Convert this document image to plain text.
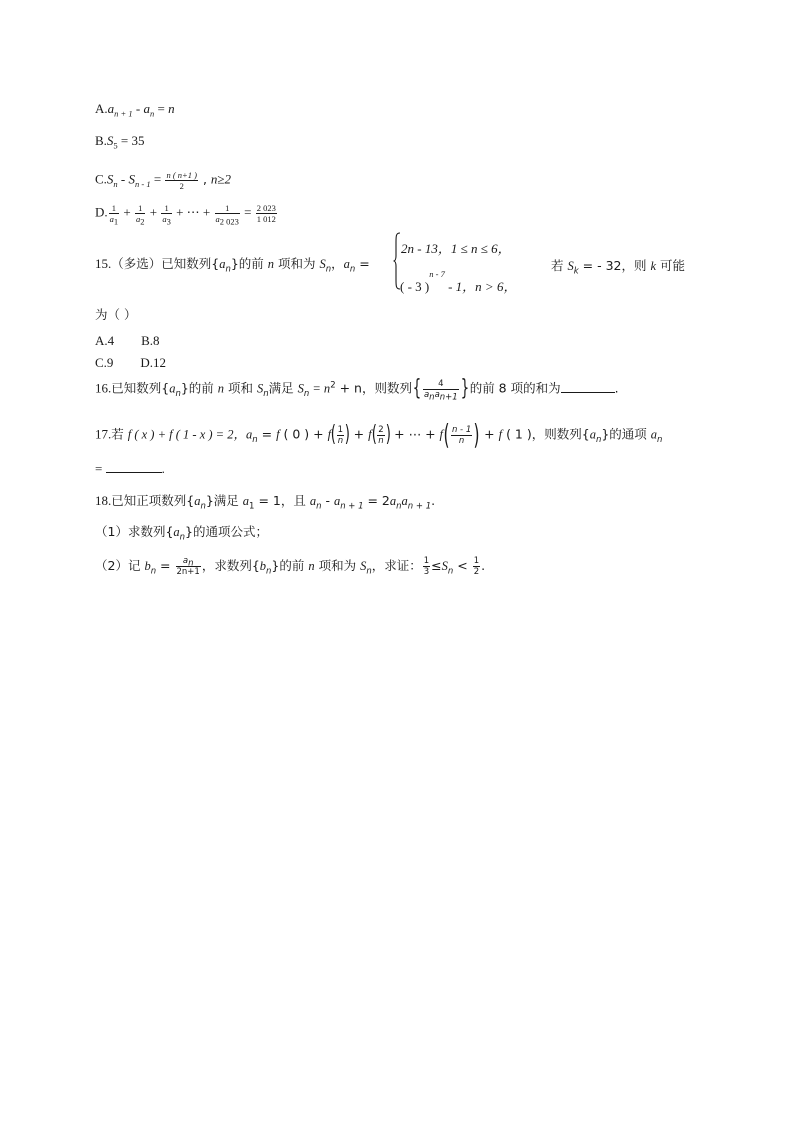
$A.a_{n + 1} - a_n = n$
$B.S_5 = 35$
$C.S_n - S_{n - 1} = \frac{n ( n+1 )}{2}$ , n≥2
D. $\frac{1}{a_1} + \frac{1}{a_2} + \frac{1}{a_3}$ + ⋯ + $\frac{1}{a_{2 023}} = \frac{2 023}{1 012}$
15.（多选）已知数列$\{a_n\}$的前 n 项和为 $S_n$，$a_n$ =
2n - 13，1 ≤ n ≤ 6，
( - 3 )$^{n - 7}$ - 1，n > 6，
若 $S_k$ = - 32，则 k 可能
为（ ）
A.4 B.8
C.9 D.12
16.已知数列$\{a_n\}$的前 n 项和 $S_n$满足 $S_n = n^2 + n$，则数列{ $\frac{4}{a_na_{n+1}}$ }的前 8 项的和为	.
17.若 f ( x ) + f ( 1 - x ) = 2，$a_n = f$ ( 0 ) + $f( \frac{1}{n}$ ) + $f( \frac{2}{n}$ ) + ⋯ + $f( \frac{n - 1}{n}$ ) + f ( 1 )，则数列$\{a_n\}$的通项 $a_n$
=	.
18.已知正项数列$\{a_n\}$满足 $a_1 = 1$，且 $a_n - a_{n + 1} = 2a_na_{n + 1}$.
（1）求数列$\{a_n\}$的通项公式；
（2）记 $b_n = \frac{a_n}{2n+1}$ ，求数列$\{b_n\}$的前 n 项和为 $S_n$，求证： $\frac{1}{3} \le S_n < \frac{1}{2}$ .
